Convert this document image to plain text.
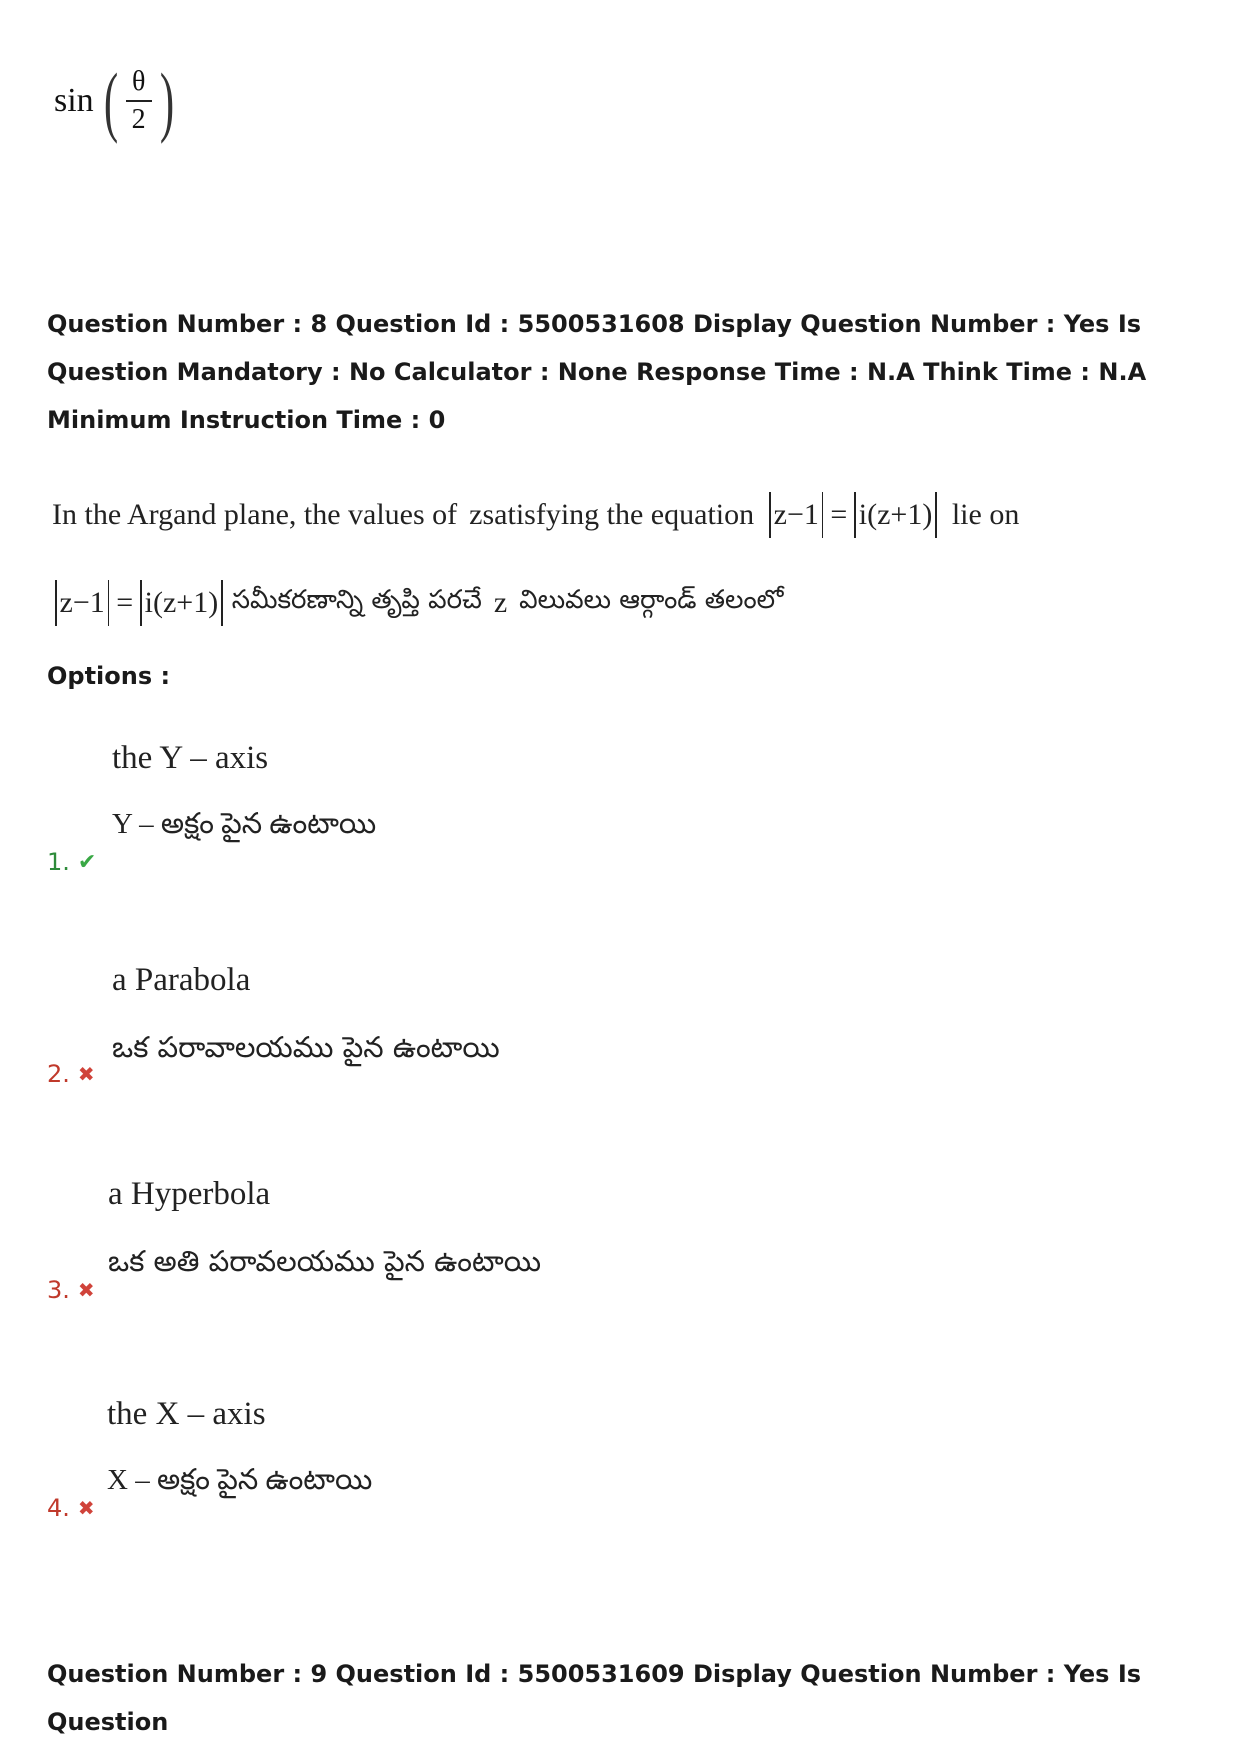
sin ( $\frac{\theta}{2}$ )
Question Number : 8 Question Id : 5500531608 Display Question Number : Yes Is Question Mandatory : No Calculator : None Response Time : N.A Think Time : N.A Minimum Instruction Time : 0
In the Argand plane, the values of z satisfying the equation z−1 = i(z+1) lie on
z−1 = i(z+1) సమీకరణాన్ని తృప్తి పరచే z విలువలు ఆర్గాండ్ తలంలో
Options :
the Y – axis
Y – అక్షం పైన ఉంటాయి
1. ✔
a Parabola
ఒక పరావాలయము పైన ఉంటాయి
2. ✖
a Hyperbola
ఒక అతి పరావలయము పైన ఉంటాయి
3. ✖
the X – axis
X – అక్షం పైన ఉంటాయి
4. ✖
Question Number : 9 Question Id : 5500531609 Display Question Number : Yes Is Question
